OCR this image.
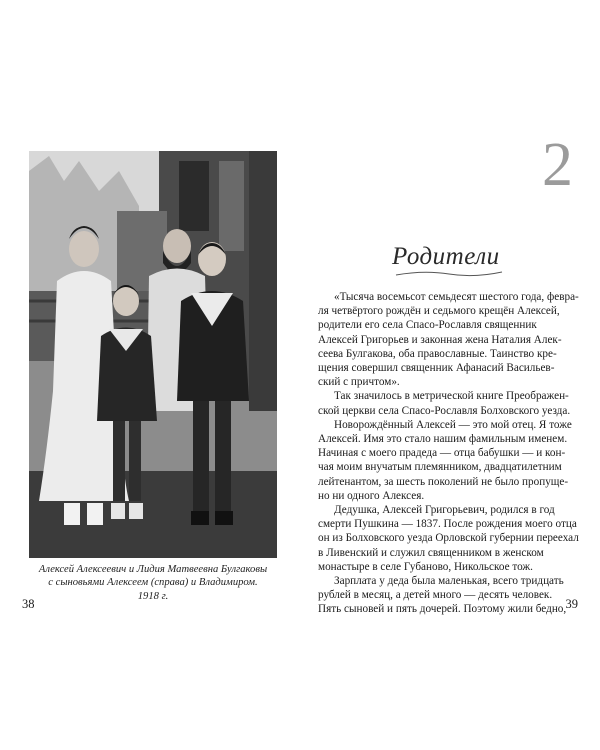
Алексей Алексеевич и Лидия Матвеевна Булгаковы
с сыновьями Алексеем (справа) и Владимиром.
1918 г.
38
2
Родители
«Тысяча восемьсот семьдесят шестого года, февра-
ля четвёртого рождён и седьмого крещён Алексей,
родители его села Спасо-Рославля священник
Алексей Григорьев и законная жена Наталия Алек-
сеева Булгакова, оба православные. Таинство кре-
щения совершил священник Афанасий Васильев-
ский с причтом».
Так значилось в метрической книге Преображен-
ской церкви села Спасо-Рославля Болховского уезда.
Новорождённый Алексей — это мой отец. Я тоже
Алексей. Имя это стало нашим фамильным именем.
Начиная с моего прадеда — отца бабушки — и кон-
чая моим внучатым племянником, двадцатилетним
лейтенантом, за шесть поколений не было пропуще-
но ни одного Алексея.
Дедушка, Алексей Григорьевич, родился в год
смерти Пушкина — 1837. После рождения моего отца
он из Болховского уезда Орловской губернии переехал
в Ливенский и служил священником в женском
монастыре в селе Губаново, Никольское тож.
Зарплата у деда была маленькая, всего тридцать
рублей в месяц, а детей много — десять человек.
Пять сыновей и пять дочерей. Поэтому жили бедно, 39
